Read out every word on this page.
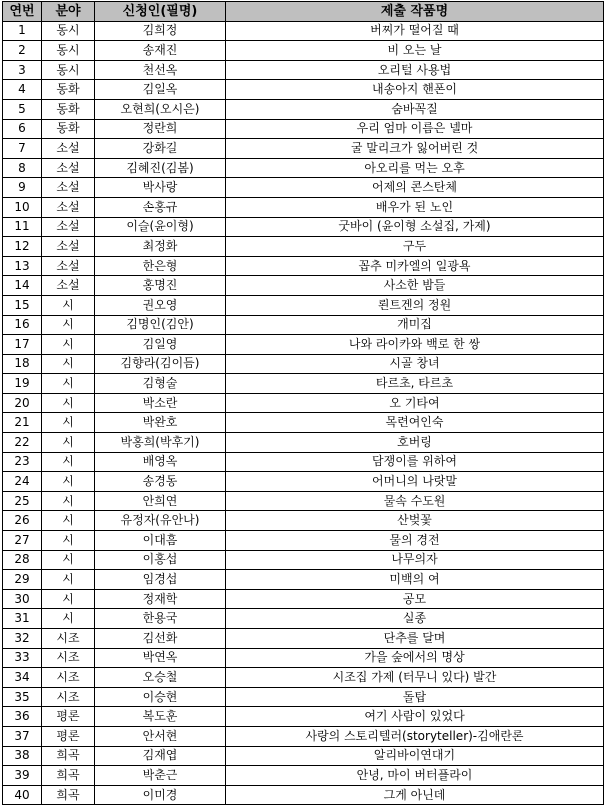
연번	분야	신청인(필명)	제출 작품명
1	동시	김희정	버찌가 떨어질 때
2	동시	송재진	비 오는 날
3	동시	천선옥	오리털 사용법
4	동화	김일옥	내송아지 핸폰이
5	동화	오현희(오시은)	숨바꼭질
6	동화	정란희	우리 엄마 이름은 넬마
7	소설	강화길	굴 말리크가 잃어버린 것
8	소설	김혜진(김봄)	아오리를 먹는 오후
9	소설	박사랑	어제의 콘스탄체
10	소설	손홍규	배우가 된 노인
11	소설	이슬(윤이형)	굿바이 (윤이형 소설집, 가제)
12	소설	최정화	구두
13	소설	한은형	꼽추 미카엘의 일광욕
14	소설	홍명진	사소한 밤들
15	시	권오영	뢴트겐의 정원
16	시	김명인(김안)	개미집
17	시	김일영	나와 라이카와 백로 한 쌍
18	시	김향라(김이듬)	시골 창녀
19	시	김형술	타르초, 타르초
20	시	박소란	오 기타여
21	시	박완호	목련여인숙
22	시	박홍희(박후기)	호버링
23	시	배영옥	담쟁이를 위하여
24	시	송경동	어머니의 나랏말
25	시	안희연	물속 수도원
26	시	유정자(유안나)	산벚꽃
27	시	이대흠	물의 경전
28	시	이홍섭	나무의자
29	시	임경섭	미백의 여
30	시	정재학	공모
31	시	한용국	실종
32	시조	김선화	단추를 달며
33	시조	박연옥	가을 숲에서의 명상
34	시조	오승철	시조집 가제 (터무니 있다) 발간
35	시조	이승현	돌탑
36	평론	복도훈	여기 사람이 있었다
37	평론	안서현	사랑의 스토리텔러(storyteller)-김애란론
38	희곡	김재엽	알리바이연대기
39	희곡	박춘근	안녕, 마이 버터플라이
40	희곡	이미경	그게 아닌데
